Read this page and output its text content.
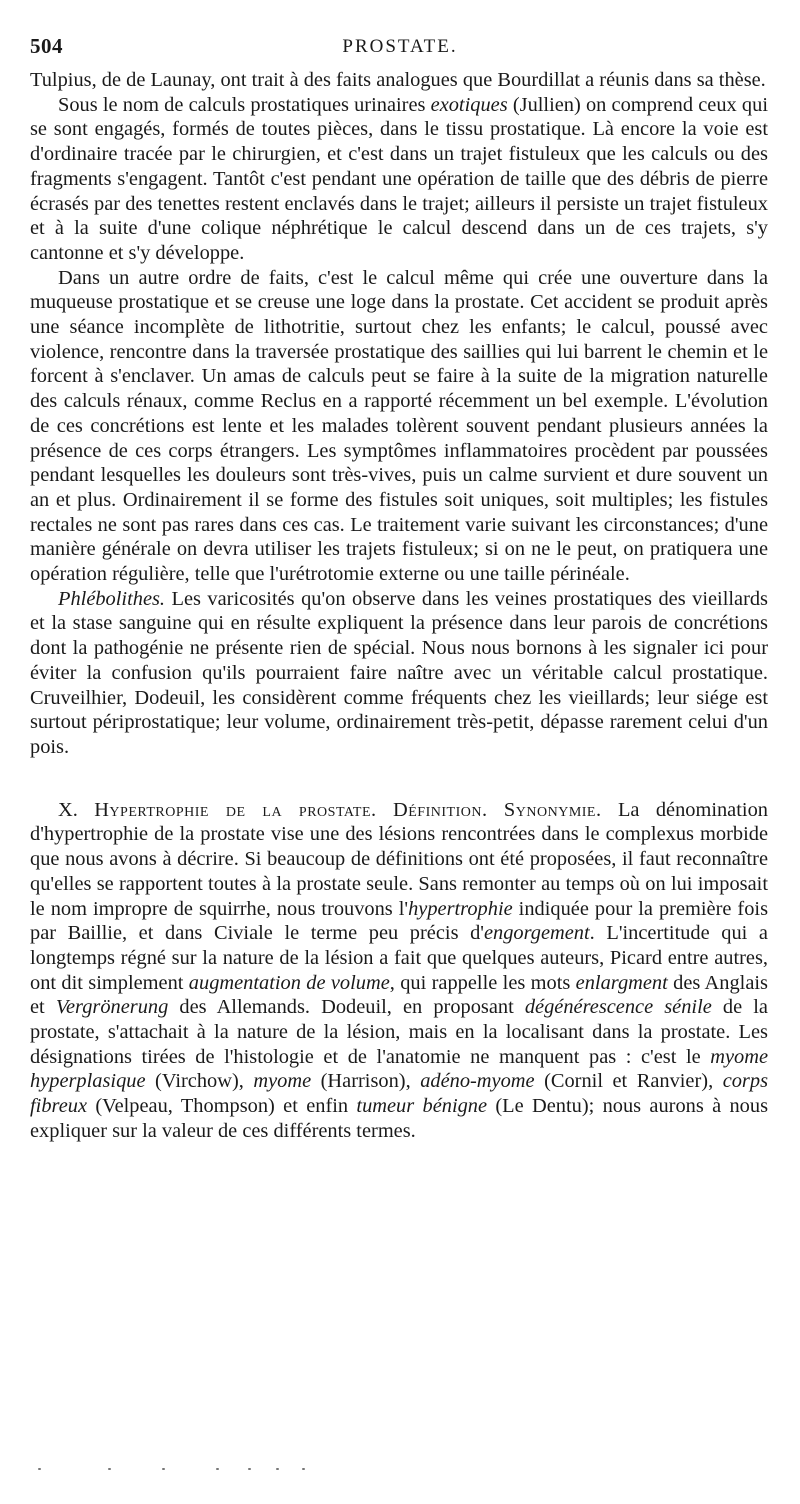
504	PROSTATE.

Tulpius, de de Launay, ont trait à des faits analogues que Bourdillat a réunis dans sa thèse.

Sous le nom de calculs prostatiques urinaires exotiques (Jullien) on comprend ceux qui se sont engagés, formés de toutes pièces, dans le tissu prostatique. Là encore la voie est d'ordinaire tracée par le chirurgien, et c'est dans un trajet fistuleux que les calculs ou des fragments s'engagent. Tantôt c'est pendant une opération de taille que des débris de pierre écrasés par des tenettes restent enclavés dans le trajet; ailleurs il persiste un trajet fistuleux et à la suite d'une colique néphrétique le calcul descend dans un de ces trajets, s'y cantonne et s'y développe.

Dans un autre ordre de faits, c'est le calcul même qui crée une ouverture dans la muqueuse prostatique et se creuse une loge dans la prostate. Cet accident se produit après une séance incomplète de lithotritie, surtout chez les enfants; le calcul, poussé avec violence, rencontre dans la traversée prostatique des saillies qui lui barrent le chemin et le forcent à s'enclaver. Un amas de calculs peut se faire à la suite de la migration naturelle des calculs rénaux, comme Reclus en a rapporté récemment un bel exemple. L'évolution de ces concrétions est lente et les malades tolèrent souvent pendant plusieurs années la présence de ces corps étrangers. Les symptômes inflammatoires procèdent par poussées pendant lesquelles les douleurs sont très-vives, puis un calme survient et dure souvent un an et plus. Ordinairement il se forme des fistules soit uniques, soit multiples; les fistules rectales ne sont pas rares dans ces cas. Le traitement varie suivant les circonstances; d'une manière générale on devra utiliser les trajets fistuleux; si on ne le peut, on pratiquera une opération régulière, telle que l'urétrotomie externe ou une taille périnéale.

Phlébolithes. Les varicosités qu'on observe dans les veines prostatiques des vieillards et la stase sanguine qui en résulte expliquent la présence dans leur parois de concrétions dont la pathogénie ne présente rien de spécial. Nous nous bornons à les signaler ici pour éviter la confusion qu'ils pourraient faire naître avec un véritable calcul prostatique. Cruveilhier, Dodeuil, les considèrent comme fréquents chez les vieillards; leur siége est surtout périprostatique; leur volume, ordinairement très-petit, dépasse rarement celui d'un pois.

X. Hypertrophie de la prostate. Définition. Synonymie. La dénomination d'hypertrophie de la prostate vise une des lésions rencontrées dans le complexus morbide que nous avons à décrire. Si beaucoup de définitions ont été proposées, il faut reconnaître qu'elles se rapportent toutes à la prostate seule. Sans remonter au temps où on lui imposait le nom impropre de squirrhe, nous trouvons l'hypertrophie indiquée pour la première fois par Baillie, et dans Civiale le terme peu précis d'engorgement. L'incertitude qui a longtemps régné sur la nature de la lésion a fait que quelques auteurs, Picard entre autres, ont dit simplement augmentation de volume, qui rappelle les mots enlargment des Anglais et Vergrönerung des Allemands. Dodeuil, en proposant dégénérescence sénile de la prostate, s'attachait à la nature de la lésion, mais en la localisant dans la prostate. Les désignations tirées de l'histologie et de l'anatomie ne manquent pas : c'est le myome hyperplasique (Virchow), myome (Harrison), adéno-myome (Cornil et Ranvier), corps fibreux (Velpeau, Thompson) et enfin tumeur bénigne (Le Dentu); nous aurons à nous expliquer sur la valeur de ces différents termes.
